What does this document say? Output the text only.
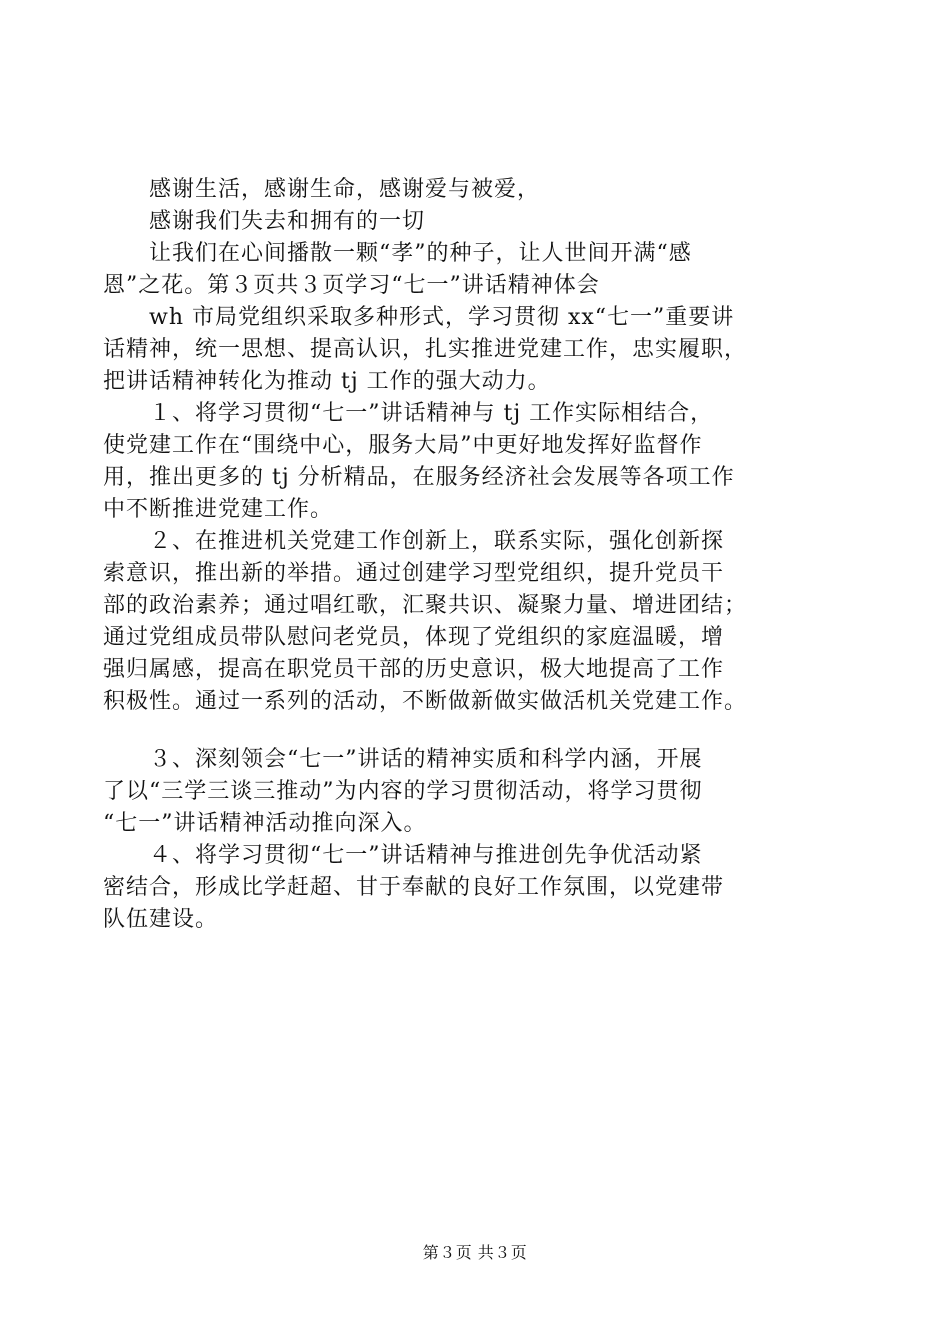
　　感谢生活，感谢生命，感谢爱与被爱，
　　感谢我们失去和拥有的一切
　　让我们在心间播散一颗“孝”的种子，让人世间开满“感
恩”之花。第３页共３页学习“七一”讲话精神体会
　　wh 市局党组织采取多种形式，学习贯彻 xx“七一”重要讲
话精神，统一思想、提高认识，扎实推进党建工作，忠实履职，
把讲话精神转化为推动 tj 工作的强大动力。
　　１、将学习贯彻“七一”讲话精神与 tj 工作实际相结合，
使党建工作在“围绕中心，服务大局”中更好地发挥好监督作
用，推出更多的 tj 分析精品，在服务经济社会发展等各项工作
中不断推进党建工作。
　　２、在推进机关党建工作创新上，联系实际，强化创新探
索意识，推出新的举措。通过创建学习型党组织，提升党员干
部的政治素养；通过唱红歌，汇聚共识、凝聚力量、增进团结；
通过党组成员带队慰问老党员，体现了党组织的家庭温暖，增
强归属感，提高在职党员干部的历史意识，极大地提高了工作
积极性。通过一系列的活动，不断做新做实做活机关党建工作。
　　３、深刻领会“七一”讲话的精神实质和科学内涵，开展
了以“三学三谈三推动”为内容的学习贯彻活动，将学习贯彻
“七一”讲话精神活动推向深入。
　　４、将学习贯彻“七一”讲话精神与推进创先争优活动紧
密结合，形成比学赶超、甘于奉献的良好工作氛围，以党建带
队伍建设。
第３页 共３页
